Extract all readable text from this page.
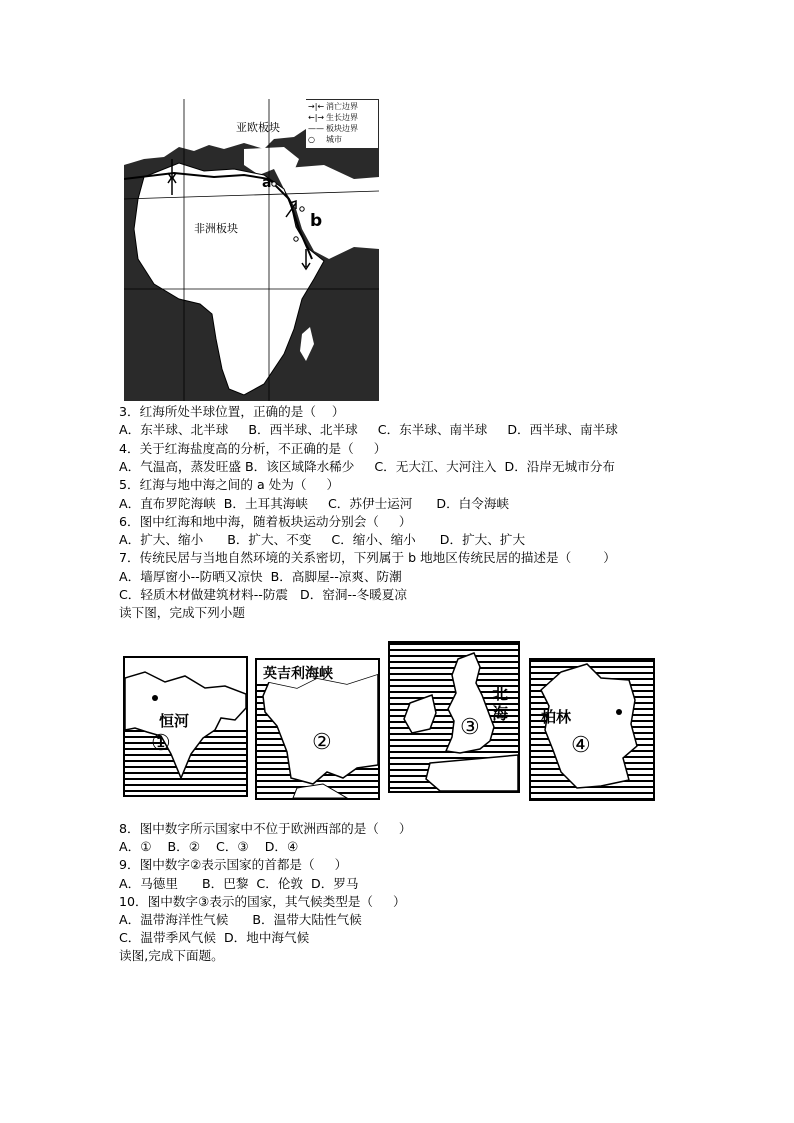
亚欧板块
非洲板块
a
b
→|← 消亡边界
←|→ 生长边界
—— 板块边界
○	城市
3．红海所处半球位置，正确的是（    ）
A．东半球、北半球     B．西半球、北半球     C．东半球、南半球     D．西半球、南半球
4．关于红海盐度高的分析，不正确的是（     ）
A．气温高，蒸发旺盛 B．该区域降水稀少     C．无大江、大河注入  D．沿岸无城市分布
5．红海与地中海之间的 a 处为（     ）
A．直布罗陀海峡  B．土耳其海峡     C．苏伊士运河      D．白令海峡
6．图中红海和地中海，随着板块运动分别会（     ）
A．扩大、缩小      B．扩大、不变     C．缩小、缩小      D．扩大、扩大
7．传统民居与当地自然环境的关系密切，下列属于 b 地地区传统民居的描述是（        ）
A．墙厚窗小--防晒又凉快  B．高脚屋--凉爽、防潮
C．轻质木材做建筑材料--防震   D．窑洞--冬暖夏凉
读下图，完成下列小题
恒河
①
英吉利海峡
②
北
海
③	柏林
④
8．图中数字所示国家中不位于欧洲西部的是（     ）
A．①    B．②    C．③    D．④
9．图中数字②表示国家的首都是（     ）
A．马德里      B．巴黎  C．伦敦  D．罗马
10．图中数字③表示的国家，其气候类型是（     ）
A．温带海洋性气候      B．温带大陆性气候
C．温带季风气候  D．地中海气候
读图,完成下面题。
